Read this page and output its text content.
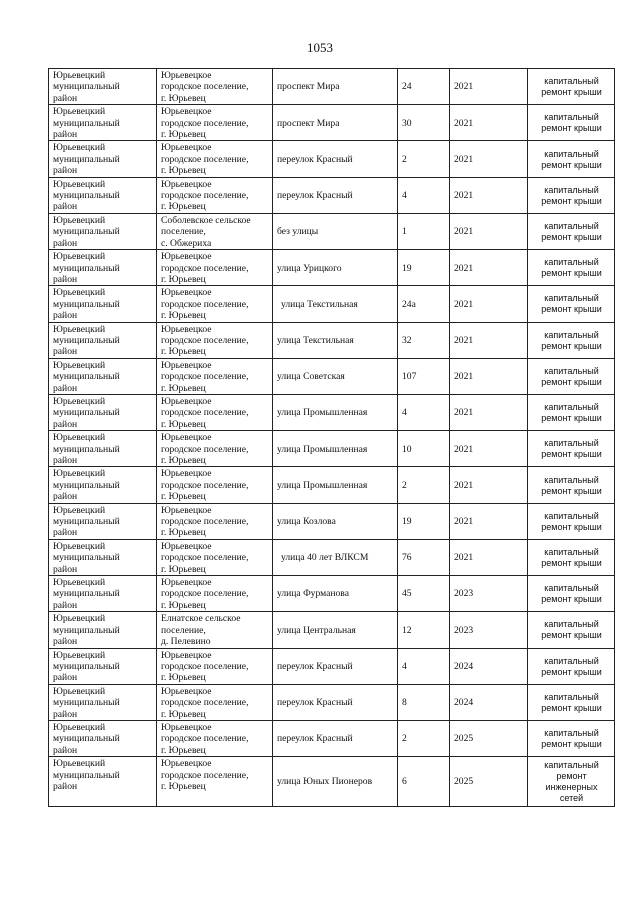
1053
Юрьевецкий
муниципальный
район	Юрьевецкое
городское поселение,
г. Юрьевец	проспект Мира	24	2021	капитальный
ремонт крыши

Юрьевецкий
муниципальный
район	Юрьевецкое
городское поселение,
г. Юрьевец	проспект Мира	30	2021	капитальный
ремонт крыши

Юрьевецкий
муниципальный
район	Юрьевецкое
городское поселение,
г. Юрьевец	переулок Красный	2	2021	капитальный
ремонт крыши

Юрьевецкий
муниципальный
район	Юрьевецкое
городское поселение,
г. Юрьевец	переулок Красный	4	2021	капитальный
ремонт крыши

Юрьевецкий
муниципальный
район	Соболевское сельское
поселение,
с. Обжериха	без улицы	1	2021	капитальный
ремонт крыши

Юрьевецкий
муниципальный
район	Юрьевецкое
городское поселение,
г. Юрьевец	улица Урицкого	19	2021	капитальный
ремонт крыши

Юрьевецкий
муниципальный
район	Юрьевецкое
городское поселение,
г. Юрьевец	улица Текстильная	24а	2021	капитальный
ремонт крыши

Юрьевецкий
муниципальный
район	Юрьевецкое
городское поселение,
г. Юрьевец	улица Текстильная	32	2021	капитальный
ремонт крыши

Юрьевецкий
муниципальный
район	Юрьевецкое
городское поселение,
г. Юрьевец	улица Советская	107	2021	капитальный
ремонт крыши

Юрьевецкий
муниципальный
район	Юрьевецкое
городское поселение,
г. Юрьевец	улица Промышленная	4	2021	капитальный
ремонт крыши

Юрьевецкий
муниципальный
район	Юрьевецкое
городское поселение,
г. Юрьевец	улица Промышленная	10	2021	капитальный
ремонт крыши

Юрьевецкий
муниципальный
район	Юрьевецкое
городское поселение,
г. Юрьевец	улица Промышленная	2	2021	капитальный
ремонт крыши

Юрьевецкий
муниципальный
район	Юрьевецкое
городское поселение,
г. Юрьевец	улица Козлова	19	2021	капитальный
ремонт крыши

Юрьевецкий
муниципальный
район	Юрьевецкое
городское поселение,
г. Юрьевец	улица 40 лет ВЛКСМ	76	2021	капитальный
ремонт крыши

Юрьевецкий
муниципальный
район	Юрьевецкое
городское поселение,
г. Юрьевец	улица Фурманова	45	2023	капитальный
ремонт крыши

Юрьевецкий
муниципальный
район	Елнатское сельское
поселение,
д. Пелевино	улица Центральная	12	2023	капитальный
ремонт крыши

Юрьевецкий
муниципальный
район	Юрьевецкое
городское поселение,
г. Юрьевец	переулок Красный	4	2024	капитальный
ремонт крыши

Юрьевецкий
муниципальный
район	Юрьевецкое
городское поселение,
г. Юрьевец	переулок Красный	8	2024	капитальный
ремонт крыши

Юрьевецкий
муниципальный
район	Юрьевецкое
городское поселение,
г. Юрьевец	переулок Красный	2	2025	капитальный
ремонт крыши

Юрьевецкий
муниципальный
район	Юрьевецкое
городское поселение,
г. Юрьевец	улица Юных Пионеров	6	2025	капитальный
ремонт
инженерных
сетей
